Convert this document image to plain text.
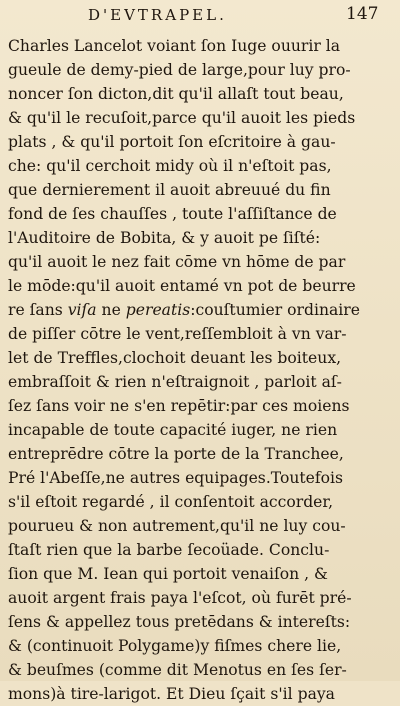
D'EVTRAPEL.	147
Charles Lancelot voiant ſon Iuge ouurir la
gueule de demy-pied de large,pour luy pro-
noncer ſon dicton,dit qu'il allaſt tout beau,
& qu'il le recuſoit,parce qu'il auoit les pieds
plats , & qu'il portoit ſon eſcritoire à gau-
che: qu'il cerchoit midy où il n'eſtoit pas,
que dernierement il auoit abreuué du fin
fond de ſes chauſſes , toute l'aſſiſtance de
l'Auditoire de Bobita, & y auoit pe ſiſté:
qu'il auoit le nez fait cōme vn hōme de par
le mōde:qu'il auoit entamé vn pot de beurre
re ſans viſa ne pereatis:couſtumier ordinaire
de piſſer cōtre le vent,reſſembloit à vn var-
let de Treffles,clochoit deuant les boiteux,
embraſſoit & rien n'eſtraignoit , parloit aſ-
ſez ſans voir ne s'en repētir:par ces moiens
incapable de toute capacité iuger, ne rien
entreprēdre cōtre la porte de la Tranchee,
Pré l'Abeſſe,ne autres equipages.Toutefois
s'il eſtoit regardé , il conſentoit accorder,
pourueu & non autrement,qu'il ne luy cou-
ſtaſt rien que la barbe ſecoüade. Conclu-
ſion que M. Iean qui portoit venaiſon , &
auoit argent frais paya l'eſcot, où furēt pré-
ſens & appellez tous pretēdans & intereſts:
& (continuoit Polygame)y fiſmes chere lie,
& beuſmes (comme dit Menotus en ſes ſer-
mons)à tire-larigot. Et Dieu ſçait s'il paya
